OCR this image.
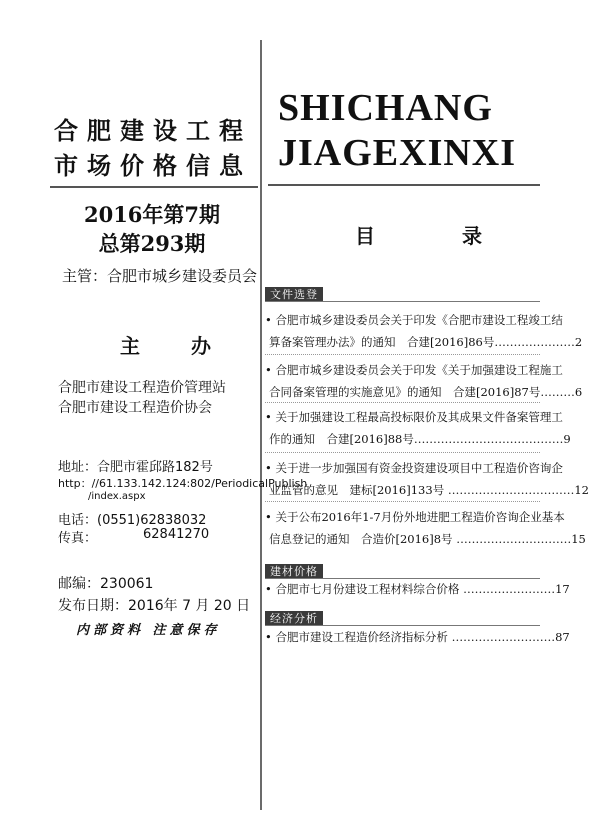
合肥建设工程
市场价格信息
2016年第7期
总第293期
主管：合肥市城乡建设委员会
主 办
合肥市建设工程造价管理站
合肥市建设工程造价协会
地址：合肥市霍邱路182号
http：//61.133.142.124:802/PeriodicalPublish
/index.aspx
电话：(0551)62838032
传真：	62841270
邮编：230061
发布日期：2016年 7 月 20 日
内部资料 注意保存
SHICHANG
JIAGEXINXI
目 录
文件选登
• 合肥市城乡建设委员会关于印发《合肥市建设工程竣工结
算备案管理办法》的通知　合建[2016]86号…………………2
• 合肥市城乡建设委员会关于印发《关于加强建设工程施工
合同备案管理的实施意见》的通知　合建[2016]87号………6
• 关于加强建设工程最高投标限价及其成果文件备案管理工
作的通知　合建[2016]88号…………………………………9
• 关于进一步加强国有资金投资建设项目中工程造价咨询企
业监管的意见　建标[2016]133号 ……………………………12
• 关于公布2016年1-7月份外地进肥工程造价咨询企业基本
信息登记的通知　合造价[2016]8号 …………………………15
建材价格
• 合肥市七月份建设工程材料综合价格 ……………………17
经济分析
• 合肥市建设工程造价经济指标分析 ………………………87
